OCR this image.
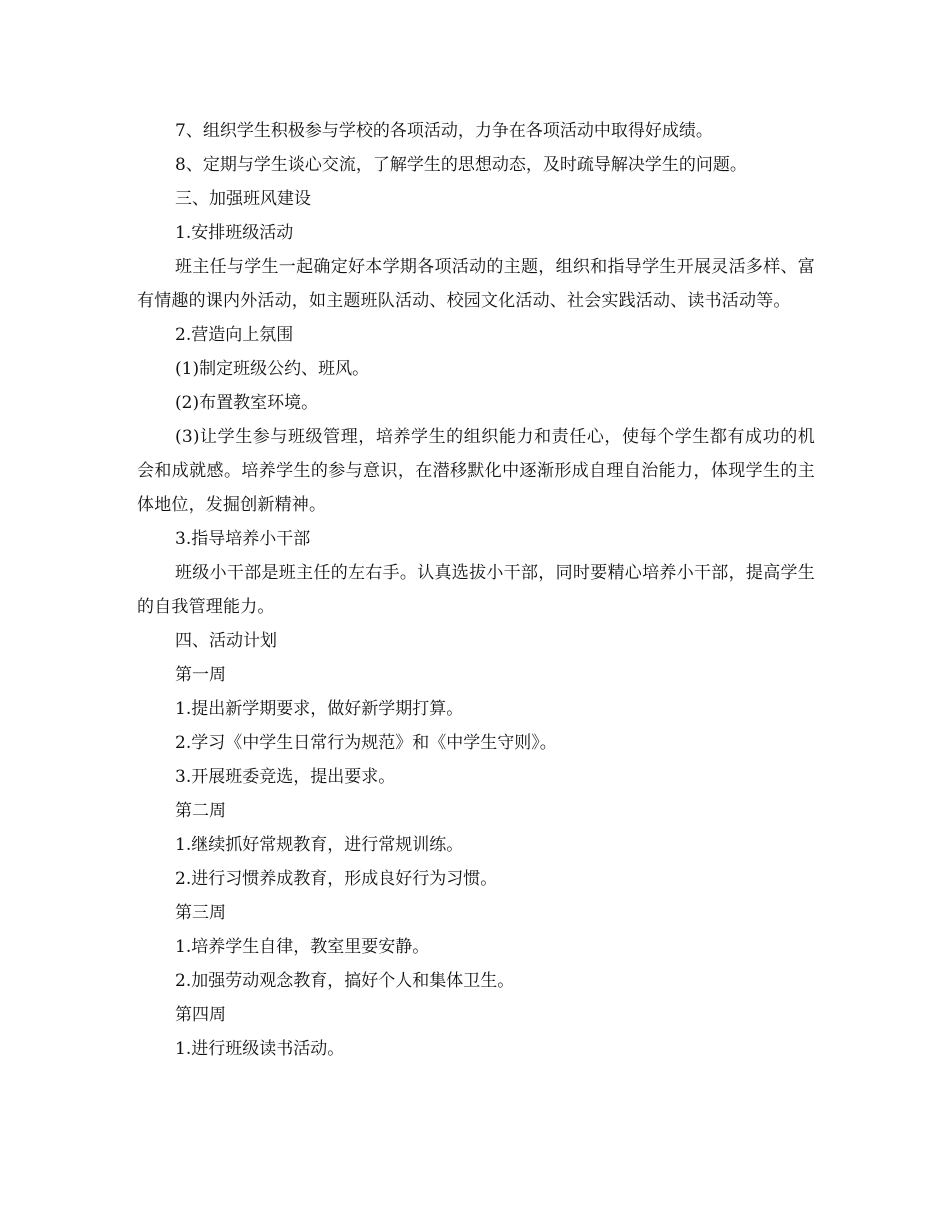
7、组织学生积极参与学校的各项活动，力争在各项活动中取得好成绩。

8、定期与学生谈心交流，了解学生的思想动态，及时疏导解决学生的问题。

三、加强班风建设

1.安排班级活动

班主任与学生一起确定好本学期各项活动的主题，组织和指导学生开展灵活多样、富有情趣的课内外活动，如主题班队活动、校园文化活动、社会实践活动、读书活动等。

2.营造向上氛围

(1)制定班级公约、班风。

(2)布置教室环境。

(3)让学生参与班级管理，培养学生的组织能力和责任心，使每个学生都有成功的机会和成就感。培养学生的参与意识，在潜移默化中逐渐形成自理自治能力，体现学生的主体地位，发掘创新精神。

3.指导培养小干部

班级小干部是班主任的左右手。认真选拔小干部，同时要精心培养小干部，提高学生的自我管理能力。

四、活动计划

第一周

1.提出新学期要求，做好新学期打算。

2.学习《中学生日常行为规范》和《中学生守则》。

3.开展班委竞选，提出要求。

第二周

1.继续抓好常规教育，进行常规训练。

2.进行习惯养成教育，形成良好行为习惯。

第三周

1.培养学生自律，教室里要安静。

2.加强劳动观念教育，搞好个人和集体卫生。

第四周

1.进行班级读书活动。
